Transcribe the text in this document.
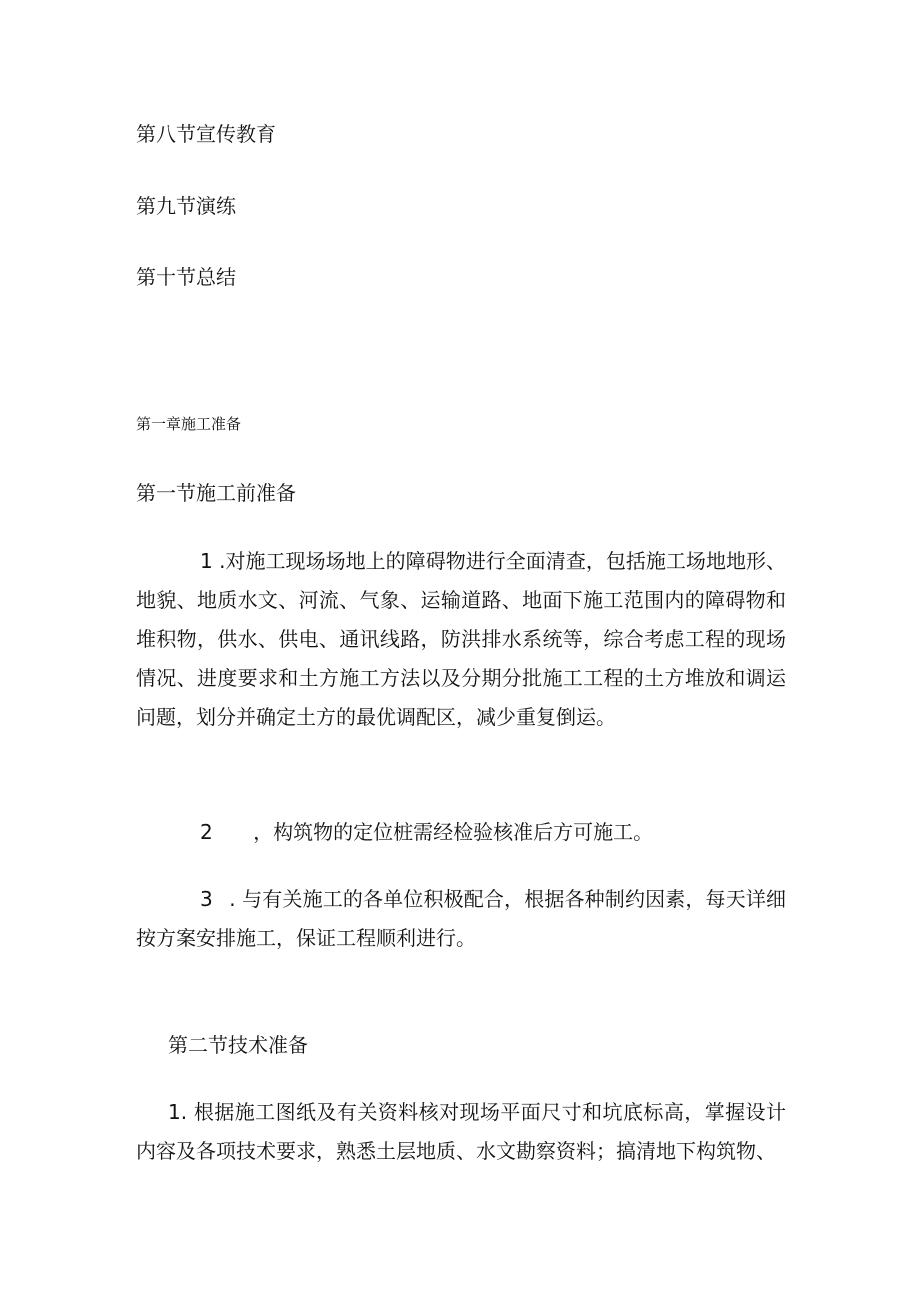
第八节宣传教育
第九节演练
第十节总结
第一章施工准备
第一节施工前准备
1 .对施工现场场地上的障碍物进行全面清查，包括施工场地地形、地貌、地质水文、河流、气象、运输道路、地面下施工范围内的障碍物和堆积物，供水、供电、通讯线路，防洪排水系统等，综合考虑工程的现场情况、进度要求和土方施工方法以及分期分批施工工程的土方堆放和调运问题，划分并确定土方的最优调配区，减少重复倒运。
2 ，构筑物的定位桩需经检验核准后方可施工。
3 . 与有关施工的各单位积极配合，根据各种制约因素，每天详细按方案安排施工，保证工程顺利进行。
第二节技术准备
1. 根据施工图纸及有关资料核对现场平面尺寸和坑底标高，掌握设计内容及各项技术要求，熟悉土层地质、水文勘察资料；搞清地下构筑物、
